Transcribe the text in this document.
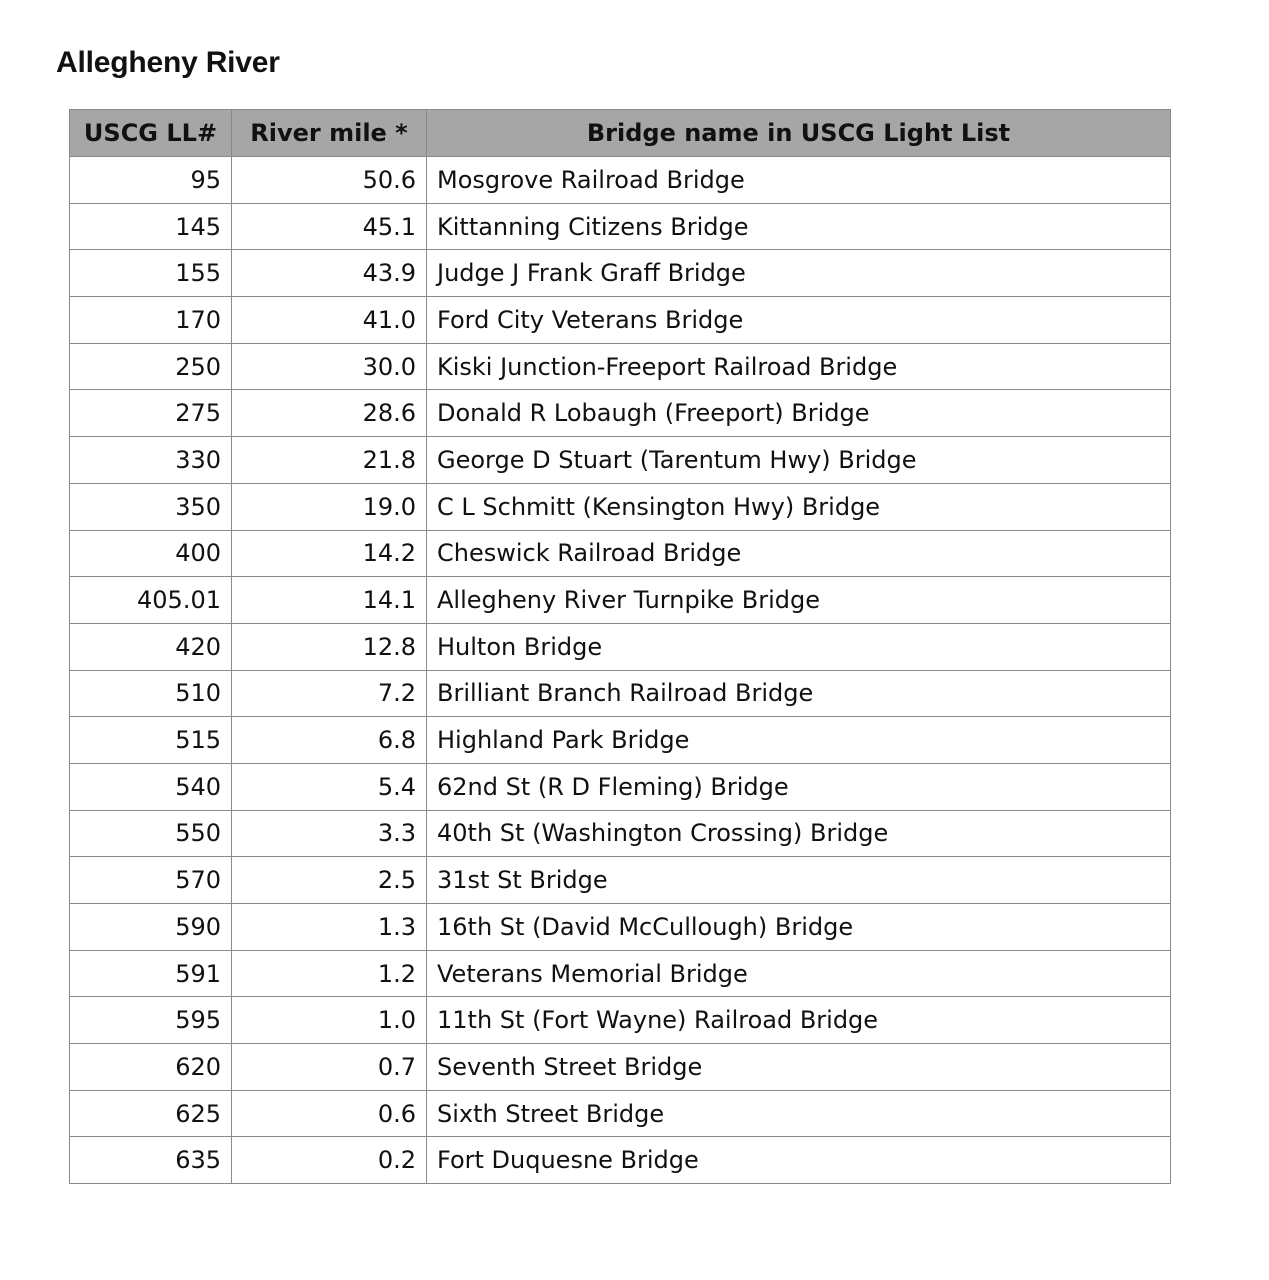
Allegheny River
USCG LL#	River mile *	Bridge name in USCG Light List
95	50.6	Mosgrove Railroad Bridge
145	45.1	Kittanning Citizens Bridge
155	43.9	Judge J Frank Graff Bridge
170	41.0	Ford City Veterans Bridge
250	30.0	Kiski Junction-Freeport Railroad Bridge
275	28.6	Donald R Lobaugh (Freeport) Bridge
330	21.8	George D Stuart (Tarentum Hwy) Bridge
350	19.0	C L Schmitt (Kensington Hwy) Bridge
400	14.2	Cheswick Railroad Bridge
405.01	14.1	Allegheny River Turnpike Bridge
420	12.8	Hulton Bridge
510	7.2	Brilliant Branch Railroad Bridge
515	6.8	Highland Park Bridge
540	5.4	62nd St (R D Fleming) Bridge
550	3.3	40th St (Washington Crossing) Bridge
570	2.5	31st St Bridge
590	1.3	16th St (David McCullough) Bridge
591	1.2	Veterans Memorial Bridge
595	1.0	11th St (Fort Wayne) Railroad Bridge
620	0.7	Seventh Street Bridge
625	0.6	Sixth Street Bridge
635	0.2	Fort Duquesne Bridge
